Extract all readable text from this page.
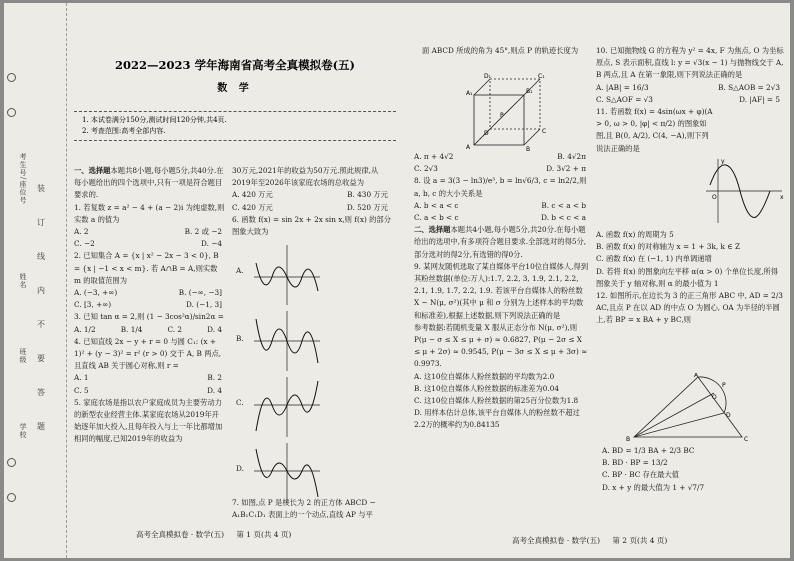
考生号/座位号
姓名
班级
学校
装
订
线
内
不
要
答
题
2022—2023 学年海南省高考全真模拟卷(五)
数 学
1. 本试卷满分150分,测试时间120分钟,共4页.
2. 考查范围:高考全部内容.

一、选择题本题共8小题,每小题5分,共40分.在每小题给出的四个选项中,只有一项是符合题目要求的.

1. 若复数 z = a² − 4 + (a − 2)i 为纯虚数,则实数 a 的值为

A. 2	B. 2 或 −2
C. −2	D. −4

2. 已知集合 A = {x | x² − 2x − 3 < 0}, B = {x | −1 < x < m}. 若 A∩B = A,则实数 m 的取值范围为

A. (−3, +∞)	B. (−∞, −3]
C. [3, +∞)	D. (−1, 3]

3. 已知 tan α = 2,则 (1 − 3cos²α)/sin2α =

A. 1/2	B. 1/4	C. 2	D. 4

4. 已知直线 2x − y + r = 0 与圆 C₁: (x + 1)² + (y − 3)² = r² (r > 0) 交于 A, B 两点,且直线 AB 关于圆心对称,则 r =

A. 1	B. 2
C. 5	D. 4

5. 家庭农场是指以农户家庭成员为主要劳动力的新型农业经营主体.某家庭农场从2019年开始逐年加大投入,且每年投入与上一年比都增加相同的幅度,已知2019年的收益为

30万元,2021年的收益为50万元.照此规律,从2019年至2026年该家庭农场的总收益为

A. 420 万元	B. 430 万元
C. 420 万元	D. 520 万元

6. 函数 f(x) = sin 2x + 2x sin x,则 f(x) 的部分图象大致为

A.
B.
C.
D.

7. 如图,点 P 是棱长为 2 的正方体 ABCD − A₁B₁C₁D₁ 表面上的一个动点,直线 AP 与平

面 ABCD 所成的角为 45°,则点 P 的轨迹长度为

A	B
C
D
A₁	B₁
C₁
D₁
P
A. π + 4√2	B. 4√2π
C. 2√3	D. 3√2 + π

8. 设 a = 3(3 − ln3)/e³, b = ln√6/3, c = ln2/2,则 a, b, c 的大小关系是

A. b < a < c	B. c < a < b
C. a < b < c	D. b < c < a

二、选择题本题共4小题,每小题5分,共20分.在每小题给出的选项中,有多项符合题目要求.全部选对的得5分,部分选对的得2分,有选错的得0分.

9. 某网友随机选取了某自媒体平台10位自媒体人,得到其粉丝数据(单位:万人):1.7, 2.2, 3, 1.9, 2.1, 2.2, 2.1, 1.9, 1.7, 2.2, 1.9. 若该平台自媒体人的粉丝数 X ~ N(μ, σ²)(其中 μ 和 σ 分别为上述样本的平均数和标准差),根据上述数据,则下列说法正确的是

参考数据:若随机变量 X 服从正态分布 N(μ, σ²),则 P(μ − σ ≤ X ≤ μ + σ) ≈ 0.6827, P(μ − 2σ ≤ X ≤ μ + 2σ) ≈ 0.9545, P(μ − 3σ ≤ X ≤ μ + 3σ) ≈ 0.9973.

A. 这10位自媒体人粉丝数据的平均数为2.0

B. 这10位自媒体人粉丝数据的标准差为0.04

C. 这10位自媒体人粉丝数据的第25百分位数为1.8

D. 用样本估计总体,该平台自媒体人的粉丝数不超过2.2万的概率约为0.84135

10. 已知抛物线 G 的方程为 y² = 4x, F 为焦点, O 为坐标原点, S 表示面积,直线 l: y = √3(x − 1) 与抛物线交于 A, B 两点,且 A 在第一象限,则下列说法正确的是

A. |AB| = 16/3	B. S△AOB = 2√3
C. S△AOF = √3	D. |AF| = 5

11. 若函数 f(x) = 4sin(ωx + φ)(A > 0, ω > 0, |φ| < π/2) 的图象如图,且 B(0, A/2), C(4, −A),则下列说法正确的是

x
y
O

A. 函数 f(x) 的周期为 5

B. 函数 f(x) 的对称轴为 x = 1 + 3k, k ∈ Z

C. 函数 f(x) 在 (−1, 1) 内单调递增

D. 若将 f(x) 的图象向左平移 α(α > 0) 个单位长度,所得图象关于 y 轴对称,则 α 的最小值为 1

12. 如图所示,在边长为 3 的正三角形 ABC 中, AD = 2/3 AC,且点 P 在以 AD 的中点 O 为圆心, OA 为半径的半圆上,若 BP = x BA + y BC,则

A
B	C
D
O
P

A. BD = 1/3 BA + 2/3 BC

B. BD · BP = 13/2

C. BP · BC 存在最大值

D. x + y 的最大值为 1 + √7/7

高考全真模拟卷 · 数学(五) 第 1 页(共 4 页)
高考全真模拟卷 · 数学(五) 第 2 页(共 4 页)
